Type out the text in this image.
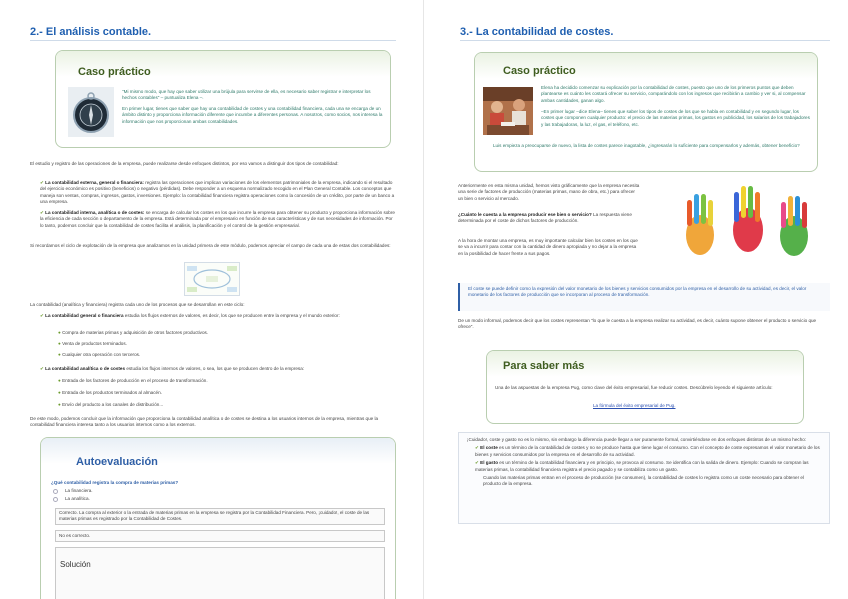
2.- El análisis contable.
Caso práctico
"Mi mismo modo, que hay que saber utilizar una brújula para servirse de ella, es necesario saber registrar e interpretar los hechos contables" – puntualiza Elena –.
En primer lugar, tienes que saber que hay una contabilidad de costes y una contabilidad financiera, cada una se encarga de un ámbito distinto y proporciona información diferente que incumbe a diferentes personas. A nosotros, como socios, nos interesa la información que nos proporcionan ambas contabilidades.
El estudio y registro de las operaciones de la empresa, puede realizarse desde enfoques distintos, por eso vamos a distinguir dos tipos de contabilidad:
✔ La contabilidad externa, general o financiera: registra las operaciones que implican variaciones de los elementos patrimoniales de la empresa, indicando si el resultado del ejercicio económico es positivo (beneficios) o negativo (pérdidas). Debe responder a un esquema normalizado recogido en el Plan General Contable. Los conceptos que maneja son ventas, compras, ingresos, gastos, inversiones. Ejemplo: la contabilidad financiera registra operaciones como la concesión de un crédito, por parte de un banco a una empresa.
✔ La contabilidad interna, analítica o de costes: se encarga de calcular los costes en los que incurre la empresa para obtener su producto y proporciona información sobre la eficiencia de cada sección o departamento de la empresa. Está determinada por el empresario en función de sus características y de sus necesidades de información. Por lo tanto, podemos concluir que la contabilidad de costes facilita el análisis, la planificación y el control de la gestión empresarial.
Si recordamos el ciclo de explotación de la empresa que analizamos en la unidad primera de este módulo, podemos apreciar el campo de cada una de estas dos contabilidades:
La contabilidad (analítica y financiera) registra cada uno de los procesos que se desarrollan en este ciclo:
✔ La contabilidad general o financiera estudia los flujos externos de valores, es decir, los que se producen entre la empresa y el mundo exterior:
● Compra de materias primas y adquisición de otros factores productivos.
● Venta de productos terminados.
● Cualquier otra operación con terceros.
✔ La contabilidad analítica o de costes estudia los flujos internos de valores, o sea, los que se producen dentro de la empresa:
● Entrada de los factores de producción en el proceso de transformación.
● Entrada de los productos terminados al almacén.
● Envío del producto a los canales de distribución...
De este modo, podemos concluir que la información que proporciona la contabilidad analítica o de costes se destina a los usuarios internos de la empresa, mientras que la contabilidad financiera interesa tanto a los usuarios internos como a los externos.
Autoevaluación
¿Qué contabilidad registra la compra de materias primas?
La financiera.
La analítica.
Correcto. La compra al exterior o la entrada de materias primas en la empresa se registra por la Contabilidad Financiera. Pero, ¡cuidado!, el coste de las materias primas es registrado por la Contabilidad de Costes.
No es correcto.
Solución
3.- La contabilidad de costes.
Caso práctico
Elena ha decidido comenzar su explicación por la contabilidad de costes, puesto que uno de los primeros puntos que deben plantearse es cuánto les costará ofrecer su servicio, comparándolo con los ingresos que recibirán a cambio y ver si, al compensar ambas cantidades, ganan algo.
–En primer lugar –dice Elena– tienes que saber los tipos de costes de los que se habla en contabilidad y en segundo lugar, los costes que componen cualquier producto: el precio de las materias primas, los gastos en publicidad, los salarios de los trabajadores y las trabajadoras, la luz, el gas, el teléfono, etc.
Luis empieza a preocuparse de nuevo, la lista de costes parece inagotable, ¿ingresarán lo suficiente para compensarlos y además, obtener beneficio?
Anteriormente en esta misma unidad, hemos visto gráficamente que la empresa necesita una serie de factores de producción (materias primas, mano de obra, etc.) para ofrecer un bien o servicio al mercado.
¿Cuánto le cuesta a la empresa producir ese bien o servicio? La respuesta viene determinada por el coste de dichos factores de producción.
A la hora de montar una empresa, es muy importante calcular bien los costes en los que se va a incurrir para contar con la cantidad de dinero apropiada y no dejar a la empresa en la posibilidad de hacer frente a sus pagos.
El coste se puede definir como la expresión del valor monetario de los bienes y servicios consumidos por la empresa en el desarrollo de su actividad, es decir, el valor monetario de los factores de producción que se incorporan al proceso de transformación.
De un modo informal, podemos decir que los costes representan "lo que le cuesta a la empresa realizar su actividad, es decir, cuánto supone obtener el producto o servicio que ofrece".
Para saber más
Una de las aspuestas de la empresa Pug, como clave del éxito empresarial, fue reducir costes. Descúbrelo leyendo el siguiente artículo:
La fórmula del éxito empresarial de Pug.
¡Cuidado!, coste y gasto no es lo mismo, sin embargo la diferencia puede llegar a ser puramente formal, convirtiéndose en dos enfoques distintos de un mismo hecho:
✔ El coste es un término de la contabilidad de costes y no se produce hasta que tiene lugar el consumo. Con el concepto de coste expresamos el valor monetario de los bienes y servicios consumidos por la empresa en el desarrollo de su actividad.
✔ El gasto es un término de la contabilidad financiera y en principio, se provoca al consumo. Se identifica con la salida de dinero. Ejemplo: Cuando se compran las materias primas, la contabilidad financiera registra el precio pagado y se contabiliza como un gasto.
Cuando las materias primas entran en el proceso de producción (se consumen), la contabilidad de costes lo registra como un coste necesario para obtener el producto de la empresa.
